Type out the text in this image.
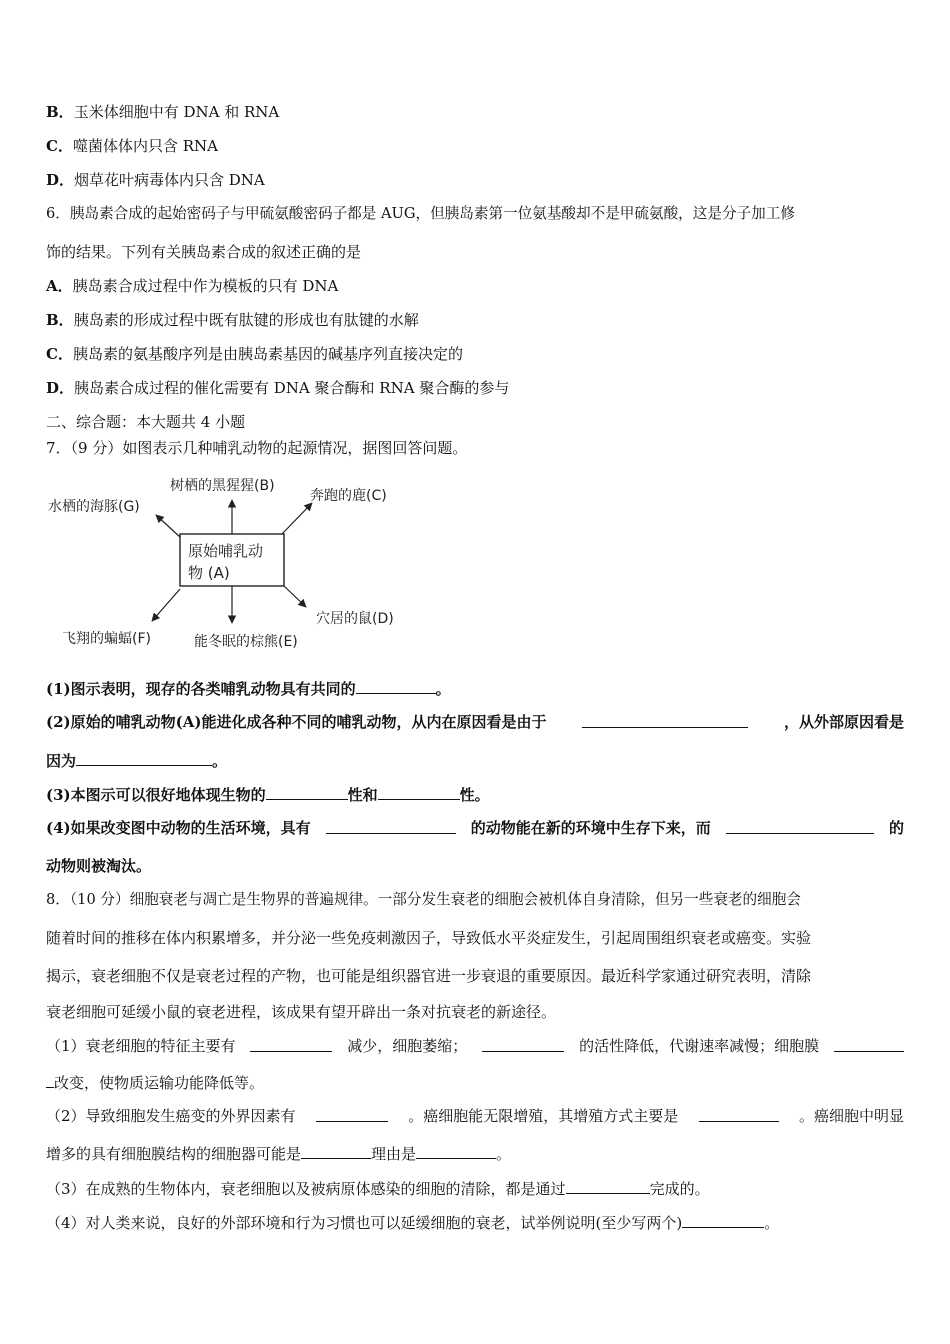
B．玉米体细胞中有 DNA 和 RNA
C．噬菌体体内只含 RNA
D．烟草花叶病毒体内只含 DNA
6．胰岛素合成的起始密码子与甲硫氨酸密码子都是 AUG，但胰岛素第一位氨基酸却不是甲硫氨酸，这是分子加工修
饰的结果。下列有关胰岛素合成的叙述正确的是
A．胰岛素合成过程中作为模板的只有 DNA
B．胰岛素的形成过程中既有肽键的形成也有肽键的水解
C．胰岛素的氨基酸序列是由胰岛素基因的碱基序列直接决定的
D．胰岛素合成过程的催化需要有 DNA 聚合酶和 RNA 聚合酶的参与
二、综合题：本大题共 4 小题
7．（9 分）如图表示几种哺乳动物的起源情况，据图回答问题。
原始哺乳动
物 (A)
树栖的黑猩猩(B)
奔跑的鹿(C)
水栖的海豚(G)
穴居的鼠(D)
能冬眠的棕熊(E)
飞翔的蝙蝠(F)
(1)图示表明，现存的各类哺乳动物具有共同的	。
(2)原始的哺乳动物(A)能进化成各种不同的哺乳动物，从内在原因看是由于	，从外部原因看是
因为	。
(3)本图示可以很好地体现生物的	性和	性。
(4)如果改变图中动物的生活环境，具有	的动物能在新的环境中生存下来，而	的
动物则被淘汰。
8．（10 分）细胞衰老与凋亡是生物界的普遍规律。一部分发生衰老的细胞会被机体自身清除，但另一些衰老的细胞会
随着时间的推移在体内积累增多，并分泌一些免疫刺激因子，导致低水平炎症发生，引起周围组织衰老或癌变。实验
揭示，衰老细胞不仅是衰老过程的产物，也可能是组织器官进一步衰退的重要原因。最近科学家通过研究表明，清除
衰老细胞可延缓小鼠的衰老进程，该成果有望开辟出一条对抗衰老的新途径。
（1）衰老细胞的特征主要有	减少，细胞萎缩；	的活性降低，代谢速率减慢；细胞膜
改变，使物质运输功能降低等。
（2）导致细胞发生癌变的外界因素有	。癌细胞能无限增殖，其增殖方式主要是	。癌细胞中明显
增多的具有细胞膜结构的细胞器可能是	理由是	。
（3）在成熟的生物体内，衰老细胞以及被病原体感染的细胞的清除，都是通过	完成的。
（4）对人类来说，良好的外部环境和行为习惯也可以延缓细胞的衰老，试举例说明(至少写两个)	。
